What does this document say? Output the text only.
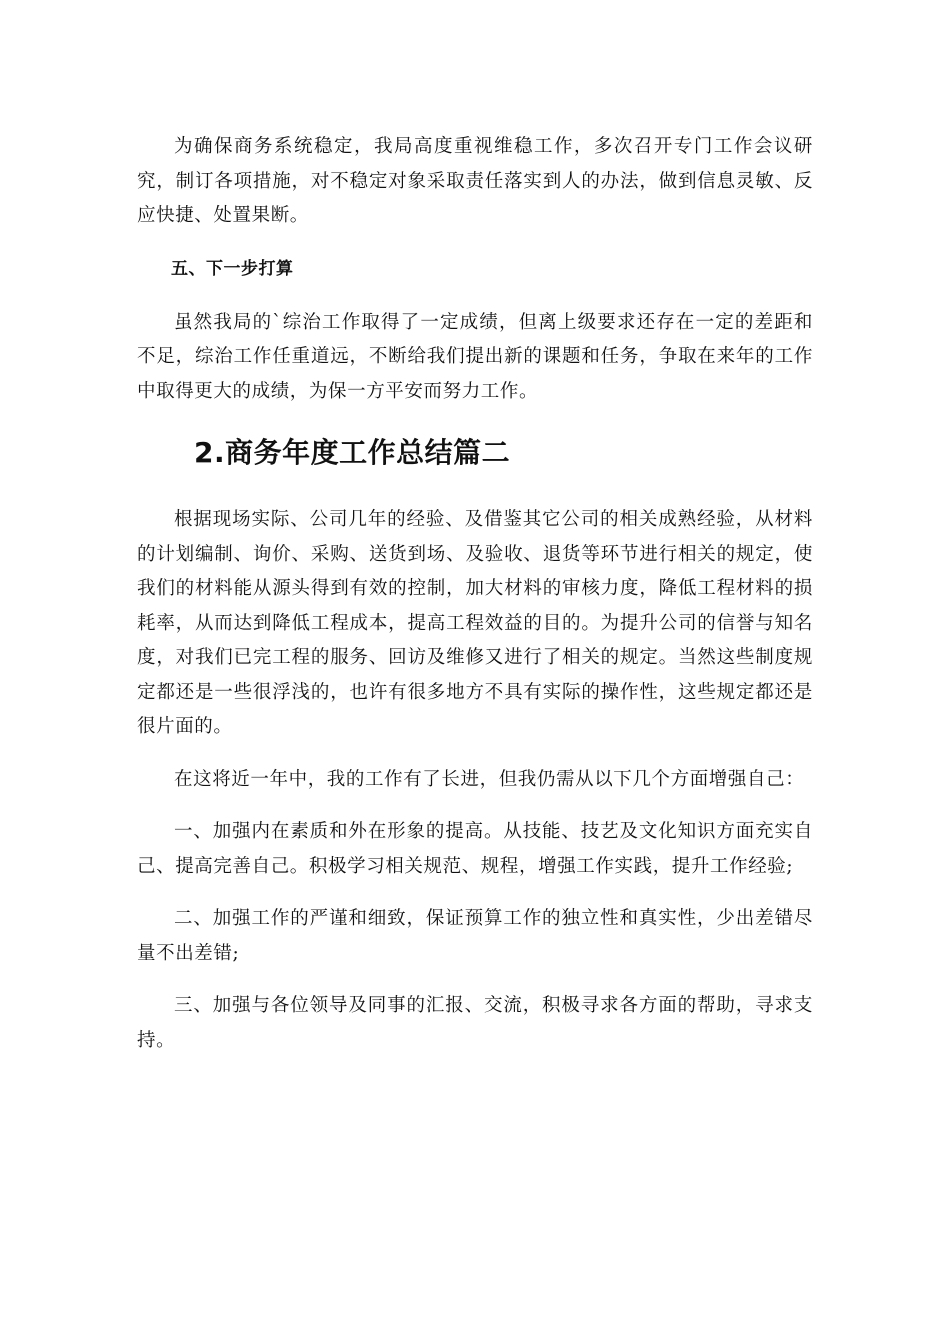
为确保商务系统稳定，我局高度重视维稳工作，多次召开专门工作会议研究，制订各项措施，对不稳定对象采取责任落实到人的办法，做到信息灵敏、反应快捷、处置果断。

五、下一步打算

虽然我局的`综治工作取得了一定成绩，但离上级要求还存在一定的差距和不足，综治工作任重道远，不断给我们提出新的课题和任务，争取在来年的工作中取得更大的成绩，为保一方平安而努力工作。

2.商务年度工作总结篇二

根据现场实际、公司几年的经验、及借鉴其它公司的相关成熟经验，从材料的计划编制、询价、采购、送货到场、及验收、退货等环节进行相关的规定，使我们的材料能从源头得到有效的控制，加大材料的审核力度，降低工程材料的损耗率，从而达到降低工程成本，提高工程效益的目的。为提升公司的信誉与知名度，对我们已完工程的服务、回访及维修又进行了相关的规定。当然这些制度规定都还是一些很浮浅的，也许有很多地方不具有实际的操作性，这些规定都还是很片面的。

在这将近一年中，我的工作有了长进，但我仍需从以下几个方面增强自己：

一、加强内在素质和外在形象的提高。从技能、技艺及文化知识方面充实自己、提高完善自己。积极学习相关规范、规程，增强工作实践，提升工作经验;

二、加强工作的严谨和细致，保证预算工作的独立性和真实性，少出差错尽量不出差错;

三、加强与各位领导及同事的汇报、交流，积极寻求各方面的帮助，寻求支持。
